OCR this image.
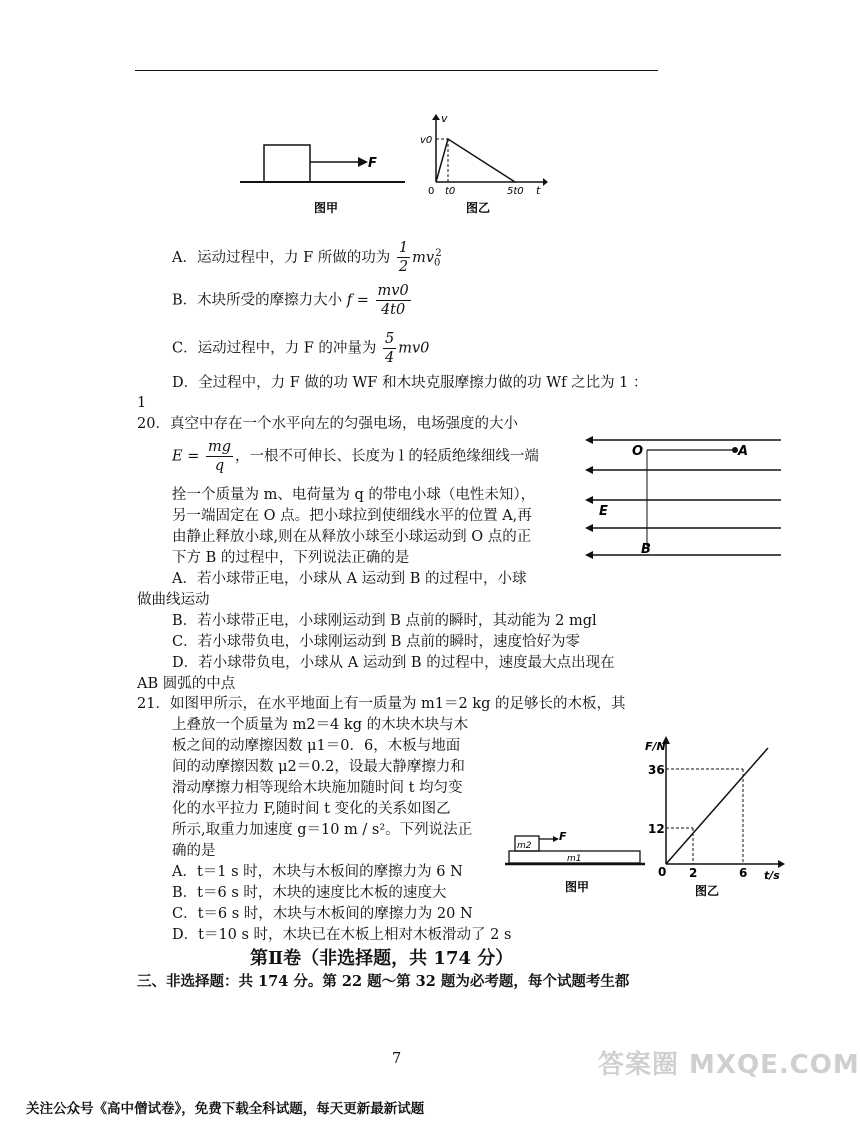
F
图甲
v
v0
t0	5t0 t
0
图乙
A．运动过程中，力 F 所做的功为 $\frac{1}{2} mv_0^2$
B．木块所受的摩擦力大小 $f = \frac{mv0}{4t0}$
C．运动过程中，力 F 的冲量为 $\frac{5}{4} mv0$
D．全过程中，力 F 做的功 WF 和木块克服摩擦力做的功 Wf 之比为 1 ：
1
20．真空中存在一个水平向左的匀强电场，电场强度的大小
$E = \frac{mg}{q}$ ，一根不可伸长、长度为 l 的轻质绝缘细线一端
拴一个质量为 m、电荷量为 q 的带电小球（电性未知），
另一端固定在 O 点。把小球拉到使细线水平的位置 A,再
由静止释放小球,则在从释放小球至小球运动到 O 点的正
下方 B 的过程中，下列说法正确的是
A．若小球带正电，小球从 A 运动到 B 的过程中，小球
做曲线运动
B．若小球带正电，小球刚运动到 B 点前的瞬时，其动能为 2 mgl
C．若小球带负电，小球刚运动到 B 点前的瞬时，速度恰好为零
D．若小球带负电，小球从 A 运动到 B 的过程中，速度最大点出现在
AB 圆弧的中点
O	A
E
B
21．如图甲所示，在水平地面上有一质量为 m1＝2 kg 的足够长的木板，其
上叠放一个质量为 m2＝4 kg 的木块木块与木
板之间的动摩擦因数 μ1＝0．6，木板与地面
间的动摩擦因数 μ2＝0.2，设最大静摩擦力和
滑动摩擦力相等现给木块施加随时间 t 均匀变
化的水平拉力 F,随时间 t 变化的关系如图乙
所示,取重力加速度 g＝10 m / s²。下列说法正
确的是
A．t＝1 s 时，木块与木板间的摩擦力为 6 N
B．t＝6 s 时，木块的速度比木板的速度大
C．t＝6 s 时，木块与木板间的摩擦力为 20 N
D．t＝10 s 时，木块已在木板上相对木板滑动了 2 s
m2
F
m1
图甲
F/N
36
12
0 2	6 t/s
图乙
第Ⅱ卷（非选择题，共 174 分）
三、非选择题：共 174 分。第 22 题～第 32 题为必考题，每个试题考生都
7	答案圈 MXQE.COM
关注公众号《高中僧试卷》，免费下载全科试题，每天更新最新试题
